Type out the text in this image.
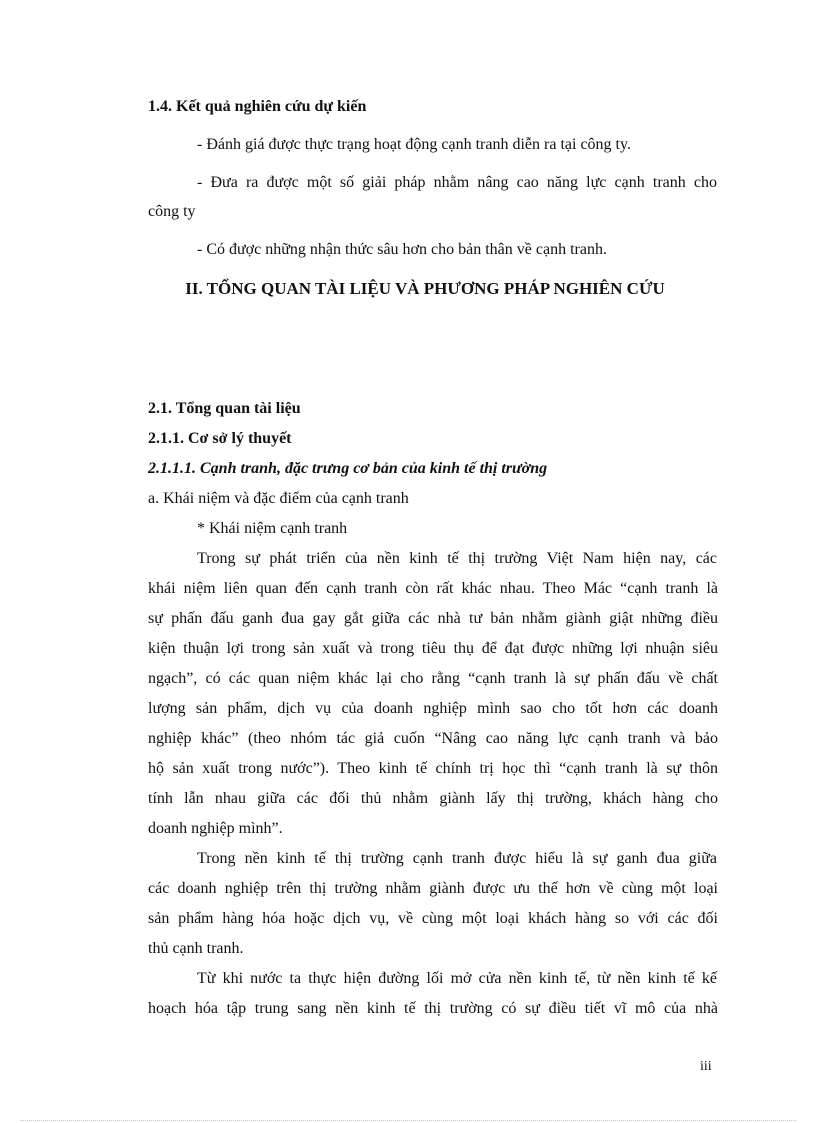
1.4. Kết quả nghiên cứu dự kiến
- Đánh giá được thực trạng hoạt động cạnh tranh diễn ra tại công ty.
- Đưa ra được một số giải pháp nhằm nâng cao năng lực cạnh tranh cho
công ty
- Có được những nhận thức sâu hơn cho bản thân về cạnh tranh.
II. TỔNG QUAN TÀI LIỆU VÀ PHƯƠNG PHÁP NGHIÊN CỨU
2.1. Tổng quan tài liệu
2.1.1. Cơ sở lý thuyết
2.1.1.1. Cạnh tranh, đặc trưng cơ bản của kinh tế thị trường
a. Khái niệm và đặc điểm của cạnh tranh
* Khái niệm cạnh tranh
Trong sự phát triển của nền kinh tế thị trường Việt Nam hiện nay, các
khái niệm liên quan đến cạnh tranh còn rất khác nhau. Theo Mác “cạnh tranh là
sự phấn đấu ganh đua gay gắt giữa các nhà tư bản nhằm giành giật những điều
kiện thuận lợi trong sản xuất và trong tiêu thụ để đạt được những lợi nhuận siêu
ngạch”, có các quan niệm khác lại cho rằng “cạnh tranh là sự phấn đấu về chất
lượng sản phẩm, dịch vụ của doanh nghiệp mình sao cho tốt hơn các doanh
nghiệp khác” (theo nhóm tác giả cuốn “Nâng cao năng lực cạnh tranh và bảo
hộ sản xuất trong nước”). Theo kinh tế chính trị học thì “cạnh tranh là sự thôn
tính lẫn nhau giữa các đối thủ nhằm giành lấy thị trường, khách hàng cho
doanh nghiệp mình”.
Trong nền kinh tế thị trường cạnh tranh được hiểu là sự ganh đua giữa
các doanh nghiệp trên thị trường nhằm giành được ưu thế hơn về cùng một loại
sản phẩm hàng hóa hoặc dịch vụ, về cùng một loại khách hàng so với các đối
thủ cạnh tranh.
Từ khi nước ta thực hiện đường lối mở cửa nền kinh tế, từ nền kinh tế kế
hoạch hóa tập trung sang nền kinh tế thị trường có sự điều tiết vĩ mô của nhà
iii
